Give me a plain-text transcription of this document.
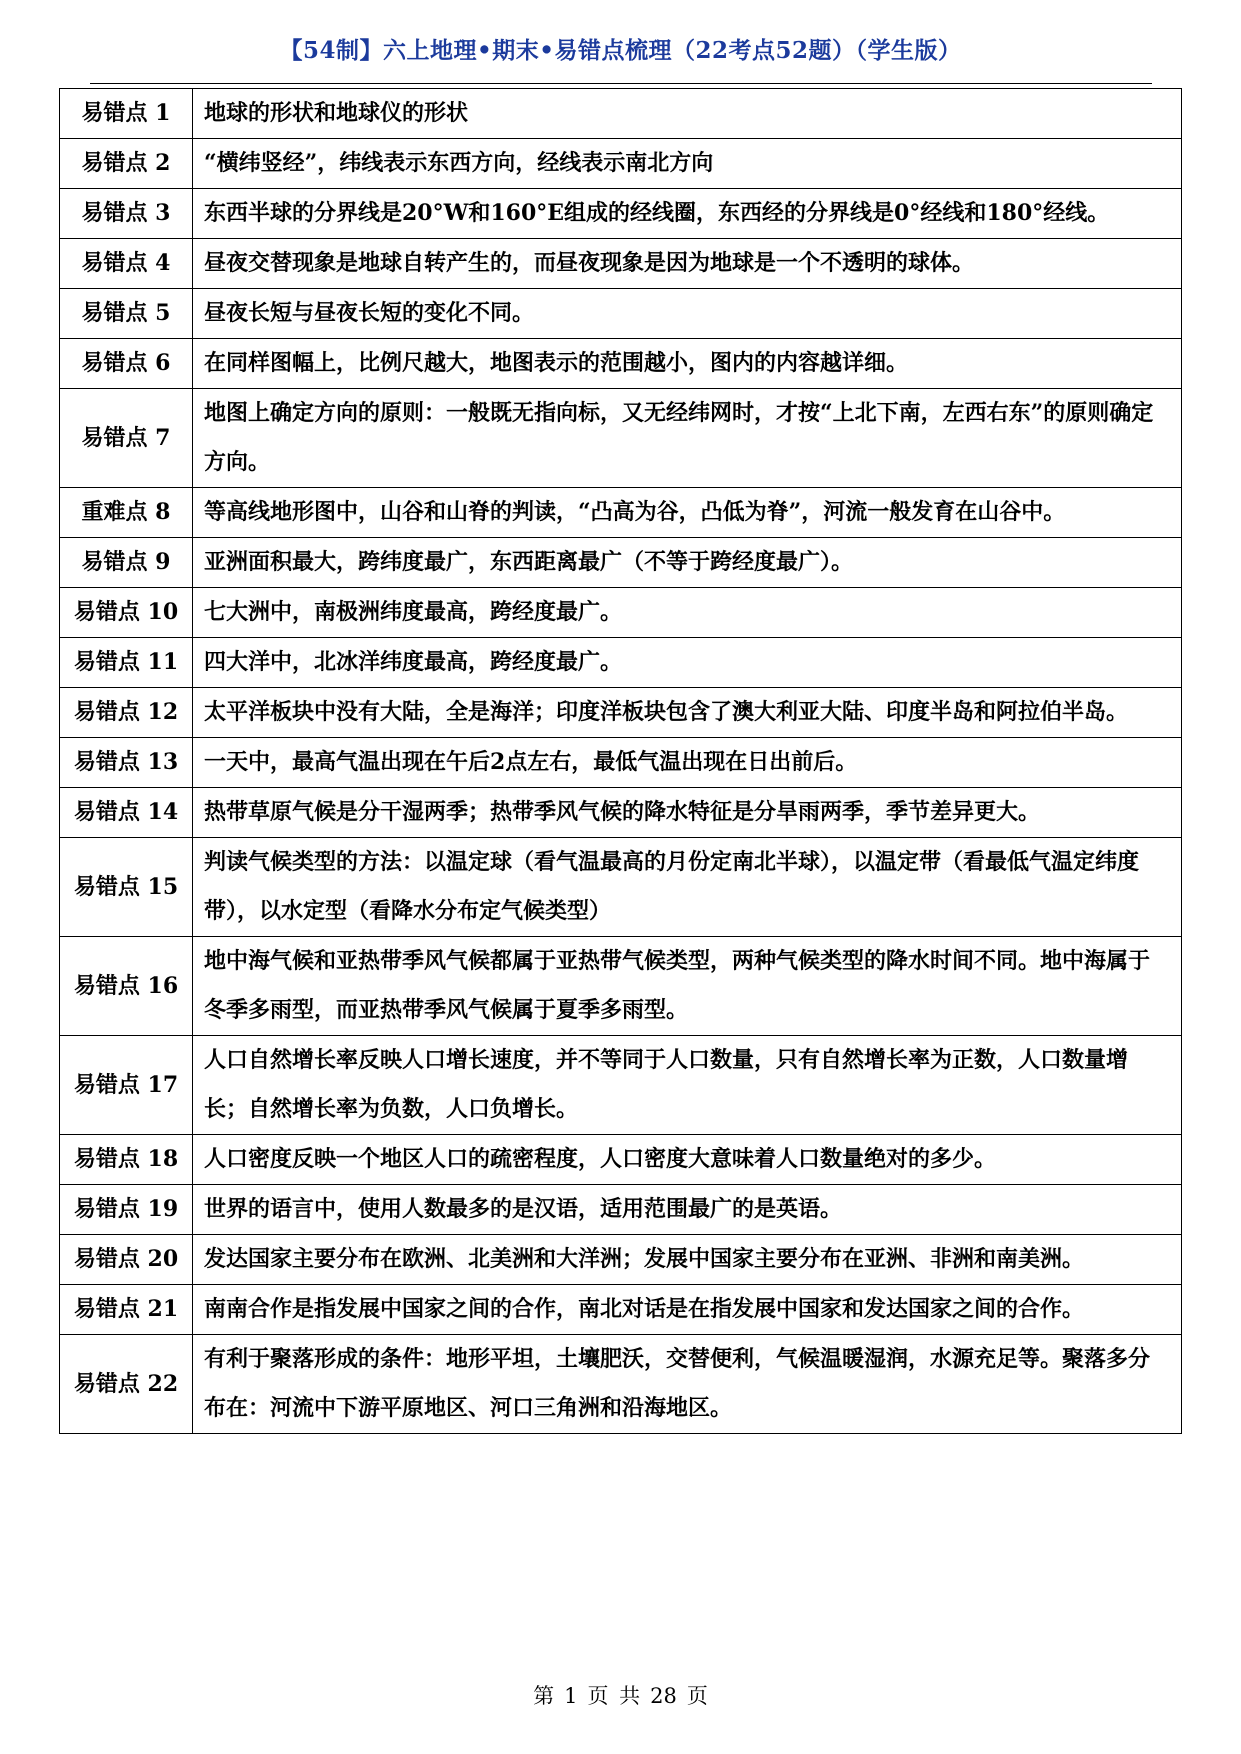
【54制】六上地理•期末•易错点梳理（22考点52题）（学生版）
易错点 1	地球的形状和地球仪的形状
易错点 2	“横纬竖经”，纬线表示东西方向，经线表示南北方向
易错点 3	东西半球的分界线是20°W和160°E组成的经线圈，东西经的分界线是0°经线和180°经线。
易错点 4	昼夜交替现象是地球自转产生的，而昼夜现象是因为地球是一个不透明的球体。
易错点 5	昼夜长短与昼夜长短的变化不同。
易错点 6	在同样图幅上，比例尺越大，地图表示的范围越小，图内的内容越详细。
易错点 7	地图上确定方向的原则：一般既无指向标，又无经纬网时，才按“上北下南，左西右东”的原则确定方向。
重难点 8	等高线地形图中，山谷和山脊的判读，“凸高为谷，凸低为脊”，河流一般发育在山谷中。
易错点 9	亚洲面积最大，跨纬度最广，东西距离最广（不等于跨经度最广）。
易错点 10	七大洲中，南极洲纬度最高，跨经度最广。
易错点 11	四大洋中，北冰洋纬度最高，跨经度最广。
易错点 12	太平洋板块中没有大陆，全是海洋；印度洋板块包含了澳大利亚大陆、印度半岛和阿拉伯半岛。
易错点 13	一天中，最高气温出现在午后2点左右，最低气温出现在日出前后。
易错点 14	热带草原气候是分干湿两季；热带季风气候的降水特征是分旱雨两季，季节差异更大。
易错点 15	判读气候类型的方法：以温定球（看气温最高的月份定南北半球），以温定带（看最低气温定纬度带），以水定型（看降水分布定气候类型）
易错点 16	地中海气候和亚热带季风气候都属于亚热带气候类型，两种气候类型的降水时间不同。地中海属于冬季多雨型，而亚热带季风气候属于夏季多雨型。
易错点 17	人口自然增长率反映人口增长速度，并不等同于人口数量，只有自然增长率为正数，人口数量增长；自然增长率为负数，人口负增长。
易错点 18	人口密度反映一个地区人口的疏密程度，人口密度大意味着人口数量绝对的多少。
易错点 19	世界的语言中，使用人数最多的是汉语，适用范围最广的是英语。
易错点 20	发达国家主要分布在欧洲、北美洲和大洋洲；发展中国家主要分布在亚洲、非洲和南美洲。
易错点 21	南南合作是指发展中国家之间的合作，南北对话是在指发展中国家和发达国家之间的合作。
易错点 22	有利于聚落形成的条件：地形平坦，土壤肥沃，交替便利，气候温暖湿润，水源充足等。聚落多分布在：河流中下游平原地区、河口三角洲和沿海地区。
第 1 页 共 28 页
